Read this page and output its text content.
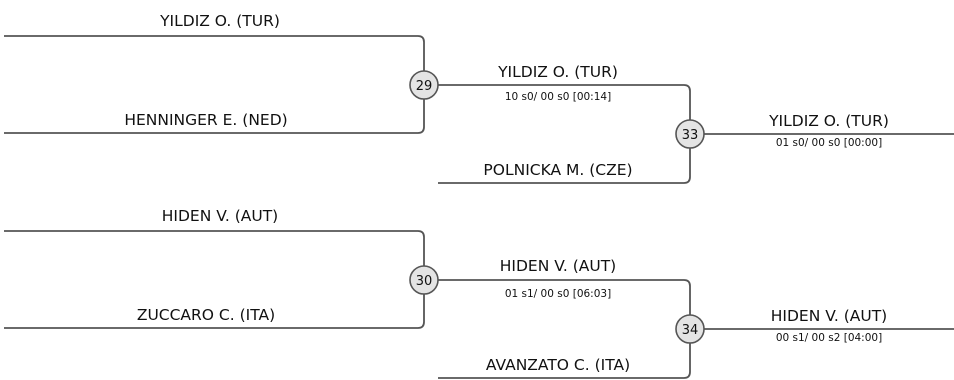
YILDIZ O. (TUR)
HENNINGER E. (NED)
HIDEN V. (AUT)
ZUCCARO C. (ITA)
YILDIZ O. (TUR)
10 s0/ 00 s0 [00:14]
POLNICKA M. (CZE)
HIDEN V. (AUT)
01 s1/ 00 s0 [06:03]
AVANZATO C. (ITA)
YILDIZ O. (TUR)
01 s0/ 00 s0 [00:00]
HIDEN V. (AUT)
00 s1/ 00 s2 [04:00]
29
30
33
34
